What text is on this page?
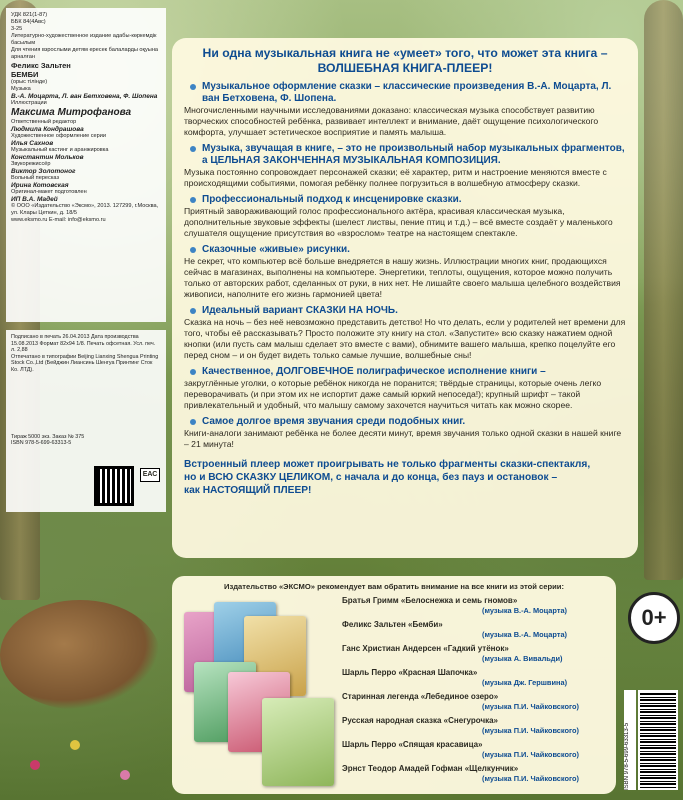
УДК 821(1-87)
ББК 84(4Авс)
3-25
Литературно-художественное издание адабы-көркемдік басылым
Для чтения взрослыми детям ересек балаларды оқуына арналған
Феликс Зальтен
БЕМБИ
(орыс тілінде)
Музыка
В.-А. Моцарта, Л. ван Бетховена, Ф. Шопена
Иллюстрации
Максима Митрофанова
Ответственный редактор
Людмила Кондрашова
Художественное оформление серии
Илья Сахнов
Музыкальный кастинг и аранжировка
Константин Мольков
Звукорежиссёр
Виктор Золотоног
Вольный пересказ
Ирина Котовская
Оригинал-макет подготовлен
ИП В.А. Мадей
© ООО «Издательство «Эксмо», 2013. 127299, г.Москва, ул. Клары Цеткин, д. 18/5
www.eksmo.ru E-mail: info@eksmo.ru
Подписано в печать 26.04.2013 Дата производства 15.08.2013 Формат 82х94 1/8. Печать офсетная. Усл. печ. л. 2,88
Отпечатано в типографии Beijing Lianxing Shengua Printing Stock Co.,Ltd (Бейджин Лиансинь Шенгуа Принтинг Сток Ко. ЛТД).
Тираж 5000 экз. Заказ № 375
ISBN 978-5-699-63313-5
ЕАС
Ни одна музыкальная книга не «умеет» того, что может эта книга –
ВОЛШЕБНАЯ КНИГА-ПЛЕЕР!
Музыкальное оформление сказки – классические произведения В.-А. Моцарта, Л. ван Бетховена, Ф. Шопена.

Многочисленными научными исследованиями доказано: классическая музыка способствует развитию творческих способностей ребёнка, развивает интеллект и внимание, даёт ощущение психологического комфорта, улучшает эстетическое восприятие и память малыша.

Музыка, звучащая в книге, – это не произвольный набор музыкальных фрагментов, а ЦЕЛЬНАЯ ЗАКОНЧЕННАЯ МУЗЫКАЛЬНАЯ КОМПОЗИЦИЯ.

Музыка постоянно сопровождает персонажей сказки; её характер, ритм и настроение меняются вместе с происходящими событиями, помогая ребёнку полнее погрузиться в волшебную атмосферу сказки.

Профессиональный подход к инсценировке сказки.

Приятный завораживающий голос профессионального актёра, красивая классическая музыка, дополнительные звуковые эффекты (шелест листвы, пение птиц и т.д.) – всё вместе создаёт у маленького слушателя ощущение присутствия во «взрослом» театре на настоящем спектакле.

Сказочные «живые» рисунки.

Не секрет, что компьютер всё больше внедряется в нашу жизнь. Иллюстрации многих книг, продающихся сейчас в магазинах, выполнены на компьютере. Энергетики, теплоты, ощущения, которое можно получить только от авторских работ, сделанных от руки, в них нет. Не лишайте своего малыша целебного воздействия живописи, наполните его жизнь гармонией цвета!

Идеальный вариант СКАЗКИ НА НОЧЬ.

Сказка на ночь – без неё невозможно представить детство! Но что делать, если у родителей нет времени для того, чтобы её рассказывать? Просто положите эту книгу на стол. «Запустите» всю сказку нажатием одной кнопки (или пусть сам малыш сделает это вместе с вами), обнимите вашего малыша, крепко поцелуйте его перед сном – и он будет видеть только самые лучшие, волшебные сны!

Качественное, ДОЛГОВЕЧНОЕ полиграфическое исполнение книги –

закруглённые уголки, о которые ребёнок никогда не поранится; твёрдые страницы, которые очень легко переворачивать (и при этом их не испортит даже самый юркий непоседа!); крупный шрифт – такой привлекательный и удобный, что малышу самому захочется научиться читать как можно скорее.

Самое долгое время звучания среди подобных книг.

Книги-аналоги занимают ребёнка не более десяти минут, время звучания только одной сказки в нашей книге – 21 минута!

Встроенный плеер может проигрывать не только фрагменты сказки-спектакля,
но и ВСЮ СКАЗКУ ЦЕЛИКОМ, с начала и до конца, без пауз и остановок –
как НАСТОЯЩИЙ ПЛЕЕР!
Издательство «ЭКСМО» рекомендует вам обратить внимание на все книги из этой серии:
Братья Гримм «Белоснежка и семь гномов»
(музыка В.-А. Моцарта)
Феликс Зальтен «Бемби»
(музыка В.-А. Моцарта)
Ганс Христиан Андерсен «Гадкий утёнок»
(музыка А. Вивальди)
Шарль Перро «Красная Шапочка»
(музыка Дж. Гершвина)
Старинная легенда «Лебединое озеро»
(музыка П.И. Чайковского)
Русская народная сказка «Снегурочка»
(музыка П.И. Чайковского)
Шарль Перро «Спящая красавица»
(музыка П.И. Чайковского)
Эрнст Теодор Амадей Гофман «Щелкунчик»
(музыка П.И. Чайковского)
0+
ISBN 978-5-699-63313-5
